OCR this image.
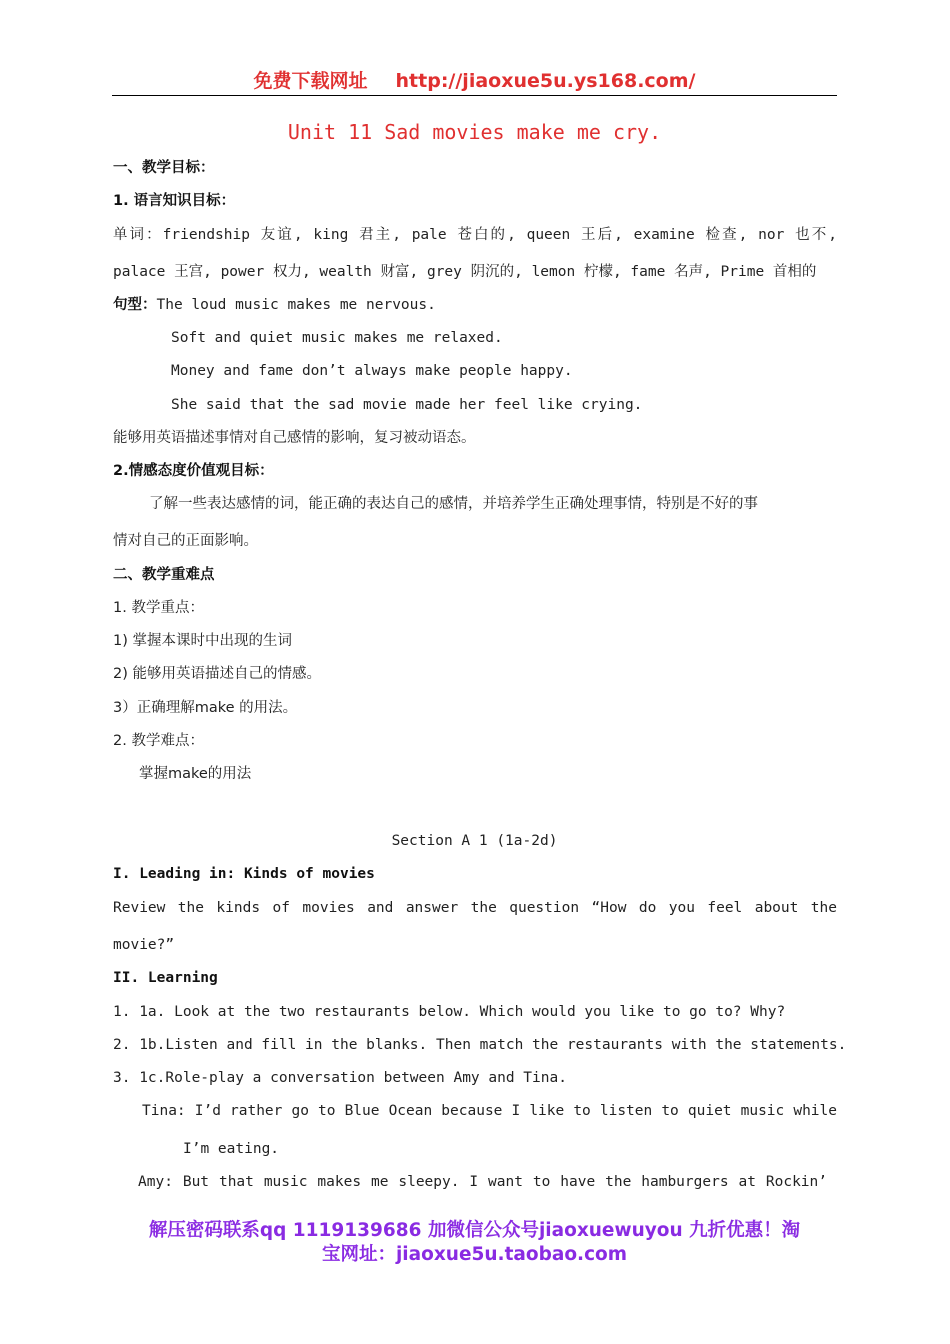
免费下载网址 http://jiaoxue5u.ys168.com/
Unit 11 Sad movies make me cry.
一、教学目标：
1. 语言知识目标：
单词：friendship 友谊, king 君主, pale 苍白的, queen 王后, examine 检查, nor 也不,
palace 王宫, power 权力, wealth 财富, grey 阴沉的, lemon 柠檬, fame 名声, Prime 首相的
句型：The loud music makes me nervous.
Soft and quiet music makes me relaxed.
Money and fame don’t always make people happy.
She said that the sad movie made her feel like crying.
能够用英语描述事情对自己感情的影响，复习被动语态。
2.情感态度价值观目标：
了解一些表达感情的词，能正确的表达自己的感情，并培养学生正确处理事情，特别是不好的事
情对自己的正面影响。
二、教学重难点
1. 教学重点：
1) 掌握本课时中出现的生词
2) 能够用英语描述自己的情感。
3）正确理解make 的用法。
2. 教学难点：
掌握make的用法
Section A 1 (1a-2d)
I. Leading in: Kinds of movies
Review the kinds of movies and answer the question “How do you feel about the
movie?”
II. Learning
1. 1a. Look at the two restaurants below. Which would you like to go to? Why?
2. 1b.Listen and fill in the blanks. Then match the restaurants with the statements.
3. 1c.Role-play a conversation between Amy and Tina.
Tina: I’d rather go to Blue Ocean because I like to listen to quiet music while
I’m eating.
Amy: But that music makes me sleepy. I want to have the hamburgers at Rockin’
解压密码联系qq 1119139686 加微信公众号jiaoxuewuyou 九折优惠！淘
宝网址：jiaoxue5u.taobao.com
